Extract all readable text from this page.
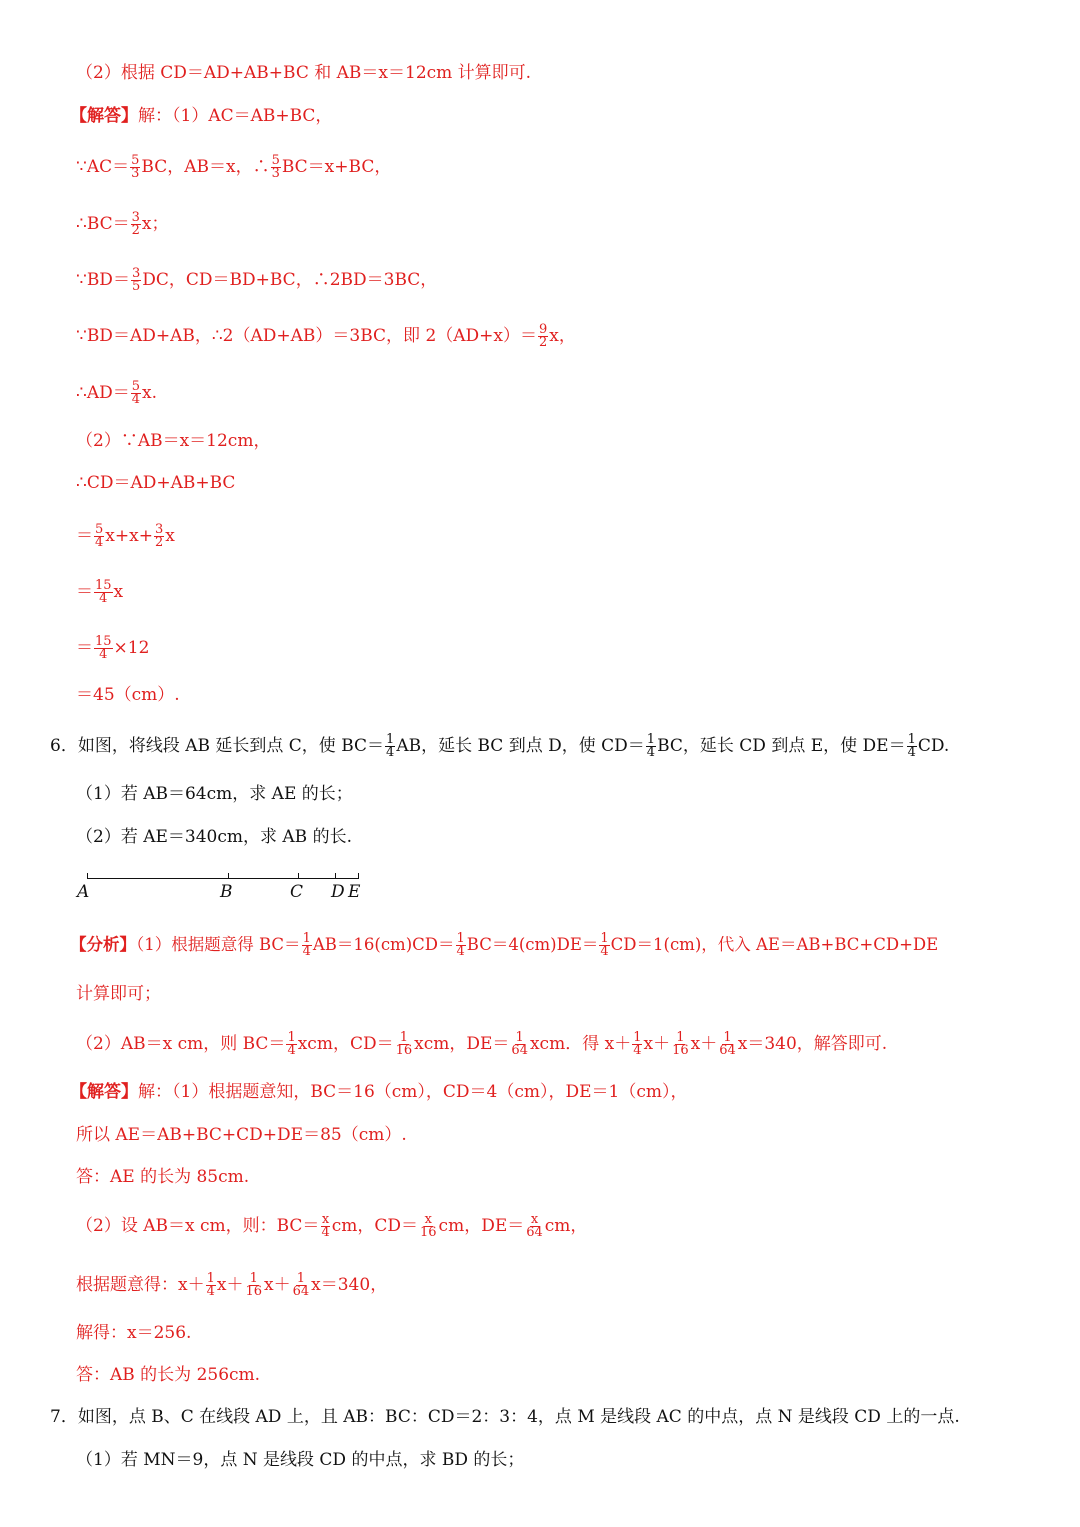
（2）根据 CD＝AD+AB+BC 和 AB＝x＝12cm 计算即可.
【解答】解：（1）AC＝AB+BC，
∵AC＝ $\frac{5}{3}$ BC，AB＝x，∴ $\frac{5}{3} BC=x+BC$，
∴BC＝ $\frac{3}{2}$ x；
∵BD＝ $\frac{3}{5}$ DC，CD＝BD+BC，∴2BD＝3BC，
∵BD＝AD+AB，∴2（AD+AB）＝3BC，即 $2(AD+x)= \frac{9}{2}$ x，
∴AD＝ $\frac{5}{4} x$.
（2）∵AB＝x＝12cm，
∴CD＝AD+AB+BC
＝ $\frac{5}{4} x+x+ \frac{3}{2}$ x
＝ $\frac{15}{4}$ x
＝ $\frac{15}{4} \times 12$
＝45（cm）.
6．如图，将线段 AB 延长到点 C，使 $BC= \frac{1}{4}$ AB，延长 BC 到点 D，使 $CD= \frac{1}{4}$ BC，延长 CD 到点 E，使 $DE= \frac{1}{4}$ CD.
（1）若 AB＝64cm，求 AE 的长；
（2）若 AE＝340cm，求 AB 的长.
A	B	C D E
【分析】（1）根据题意得 $BC= \frac{1}{4} AB=16(cm)CD= \frac{1}{4} BC=4(cm)DE= \frac{1}{4} CD=1(cm)$，代入 AE＝AB+BC+CD+DE
计算即可；
（2）AB＝x cm，则 $BC= \frac{1}{4}$ xcm，$CD= \frac{1}{16}$ xcm，$DE= \frac{1}{64}$ xcm．得 $x+ \frac{1}{4} x+ \frac{1}{16} x+ \frac{1}{64} x=340$，解答即可.
【解答】解：（1）根据题意知，BC＝16（cm），CD＝4（cm），DE＝1（cm），
所以 AE＝AB+BC+CD+DE＝85（cm）.
答：AE 的长为 85cm.
（2）设 AB＝x cm，则：$BC= \frac{x}{4}$ cm，$CD= \frac{x}{16}$ cm，$DE= \frac{x}{64}$ cm，
根据题意得：$x+ \frac{1}{4} x+ \frac{1}{16} x+ \frac{1}{64} x=340$，
解得：x＝256.
答：AB 的长为 256cm.
7．如图，点 B、C 在线段 AD 上，且 AB：BC：CD＝2：3：4，点 M 是线段 AC 的中点，点 N 是线段 CD 上的一点.
（1）若 MN＝9，点 N 是线段 CD 的中点，求 BD 的长；
